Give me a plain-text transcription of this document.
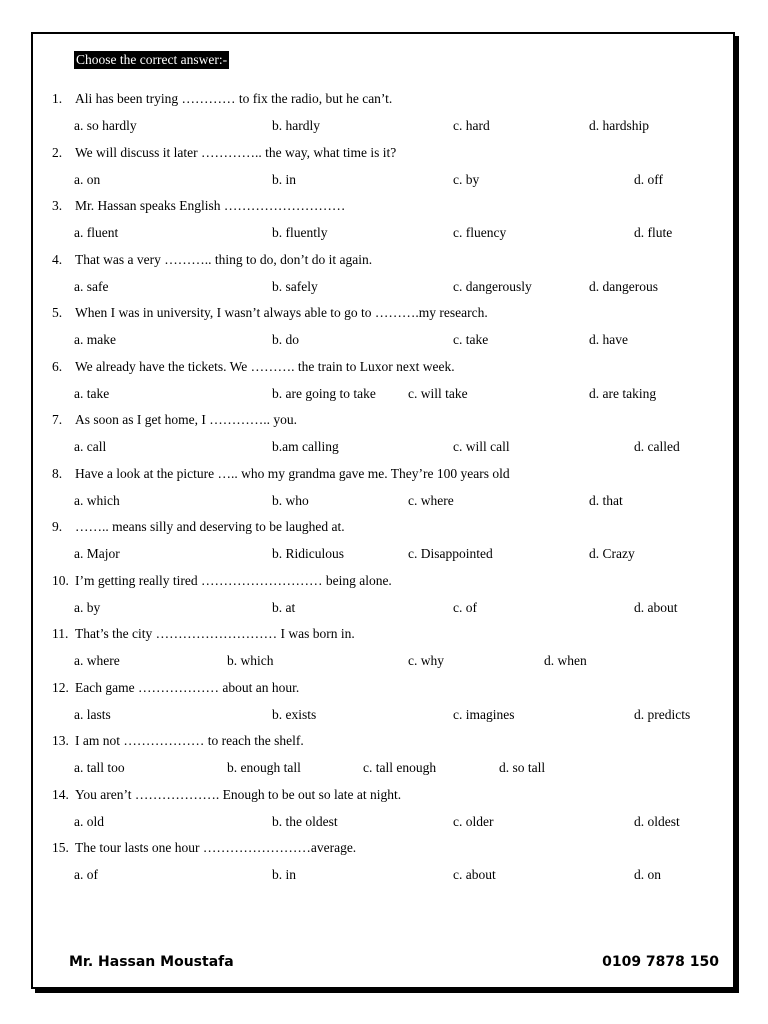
Choose the correct answer:-
Mr. Hassan Moustafa	0109 7878 150
1. Ali has been trying ………… to fix the radio, but he can’t.
a. so hardly	b. hardly	c. hard	d. hardship
2. We will discuss it later ………….. the way, what time is it?
a. on	b. in	c. by	d. off
3. Mr. Hassan speaks English ………………………
a. fluent	b. fluently	c. fluency	d. flute
4. That was a very ……….. thing to do, don’t do it again.
a. safe	b. safely	c. dangerously	d. dangerous
5. When I was in university, I wasn’t always able to go to ……….my research.
a. make	b. do	c. take	d. have
6. We already have the tickets. We ………. the train to Luxor next week.
a. take	b. are going to take c. will take	d. are taking
7. As soon as I get home, I ………….. you.
a. call	b.am calling	c. will call	d. called
8. Have a look at the picture ….. who my grandma gave me. They’re 100 years old
a. which	b. who	c. where	d. that
9. …….. means silly and deserving to be laughed at.
a. Major	b. Ridiculous	c. Disappointed	d. Crazy
10. I’m getting really tired ……………………… being alone.
a. by	b. at	c. of	d. about
11. That’s the city ……………………… I was born in.
a. where	b. which	c. why	d. when
12. Each game ……………… about an hour.
a. lasts	b. exists	c. imagines	d. predicts
13. I am not ……………… to reach the shelf.
a. tall too	b. enough tall	c. tall enough	d. so tall
14. You aren’t ………………. Enough to be out so late at night.
a. old	b. the oldest	c. older	d. oldest
15. The tour lasts one hour ……………………average.
a. of	b. in	c. about	d. on
